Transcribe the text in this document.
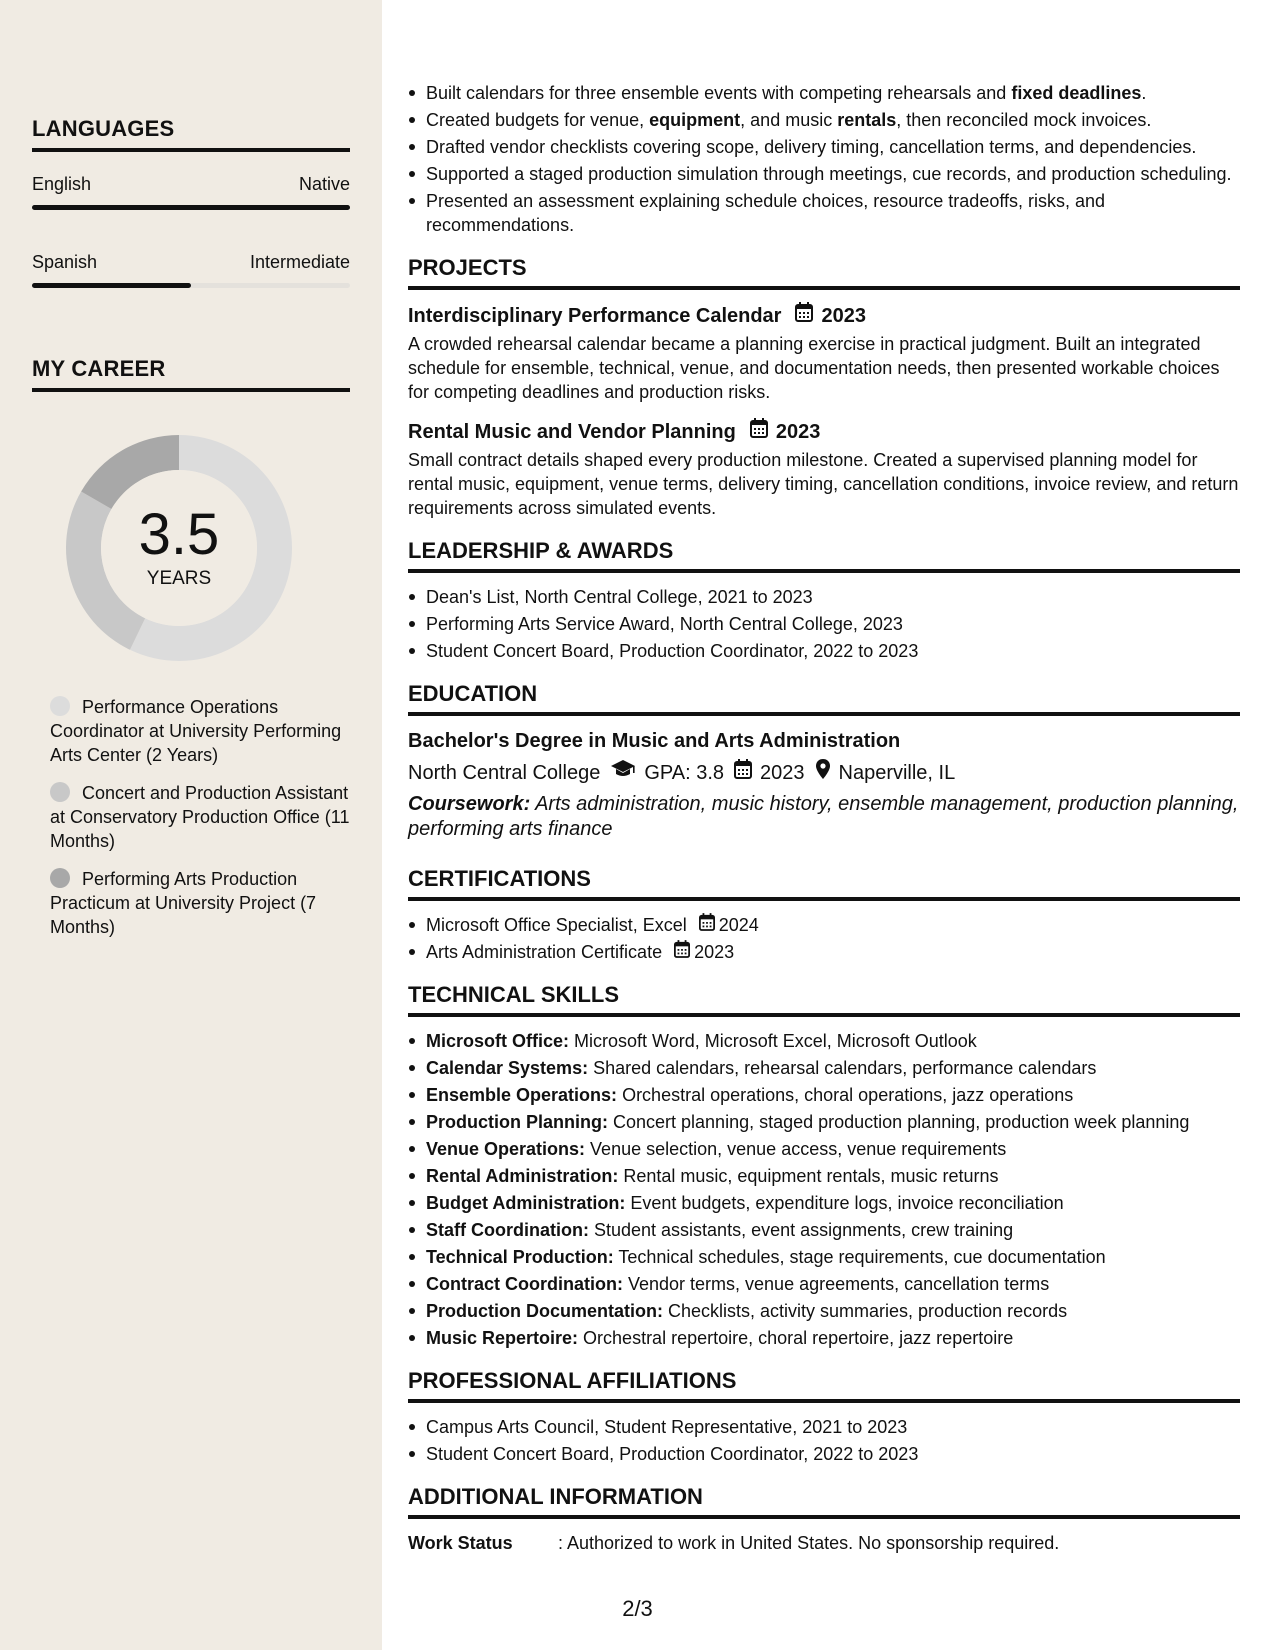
LANGUAGES
English	Native
Spanish	Intermediate
MY CAREER
3.5
YEARS
Performance Operations Coordinator at University Performing Arts Center (2 Years)
Concert and Production Assistant at Conservatory Production Office (11 Months)
Performing Arts Production Practicum at University Project (7 Months)
Built calendars for three ensemble events with competing rehearsals and fixed deadlines.
Created budgets for venue, equipment, and music rentals, then reconciled mock invoices.
Drafted vendor checklists covering scope, delivery timing, cancellation terms, and dependencies.
Supported a staged production simulation through meetings, cue records, and production scheduling.
Presented an assessment explaining schedule choices, resource tradeoffs, risks, and recommendations.
PROJECTS
Interdisciplinary Performance Calendar 2023
A crowded rehearsal calendar became a planning exercise in practical judgment. Built an integrated schedule for ensemble, technical, venue, and documentation needs, then presented workable choices for competing deadlines and production risks.
Rental Music and Vendor Planning 2023
Small contract details shaped every production milestone. Created a supervised planning model for rental music, equipment, venue terms, delivery timing, cancellation conditions, invoice review, and return requirements across simulated events.
LEADERSHIP & AWARDS
Dean's List, North Central College, 2021 to 2023
Performing Arts Service Award, North Central College, 2023
Student Concert Board, Production Coordinator, 2022 to 2023
EDUCATION
Bachelor's Degree in Music and Arts Administration
North Central College GPA: 3.8 2023 Naperville, IL
Coursework: Arts administration, music history, ensemble management, production planning, performing arts finance
CERTIFICATIONS
Microsoft Office Specialist, Excel 2024
Arts Administration Certificate 2023
TECHNICAL SKILLS
Microsoft Office: Microsoft Word, Microsoft Excel, Microsoft Outlook
Calendar Systems: Shared calendars, rehearsal calendars, performance calendars
Ensemble Operations: Orchestral operations, choral operations, jazz operations
Production Planning: Concert planning, staged production planning, production week planning
Venue Operations: Venue selection, venue access, venue requirements
Rental Administration: Rental music, equipment rentals, music returns
Budget Administration: Event budgets, expenditure logs, invoice reconciliation
Staff Coordination: Student assistants, event assignments, crew training
Technical Production: Technical schedules, stage requirements, cue documentation
Contract Coordination: Vendor terms, venue agreements, cancellation terms
Production Documentation: Checklists, activity summaries, production records
Music Repertoire: Orchestral repertoire, choral repertoire, jazz repertoire
PROFESSIONAL AFFILIATIONS
Campus Arts Council, Student Representative, 2021 to 2023
Student Concert Board, Production Coordinator, 2022 to 2023
ADDITIONAL INFORMATION
Work Status	: Authorized to work in United States. No sponsorship required.
2/3
